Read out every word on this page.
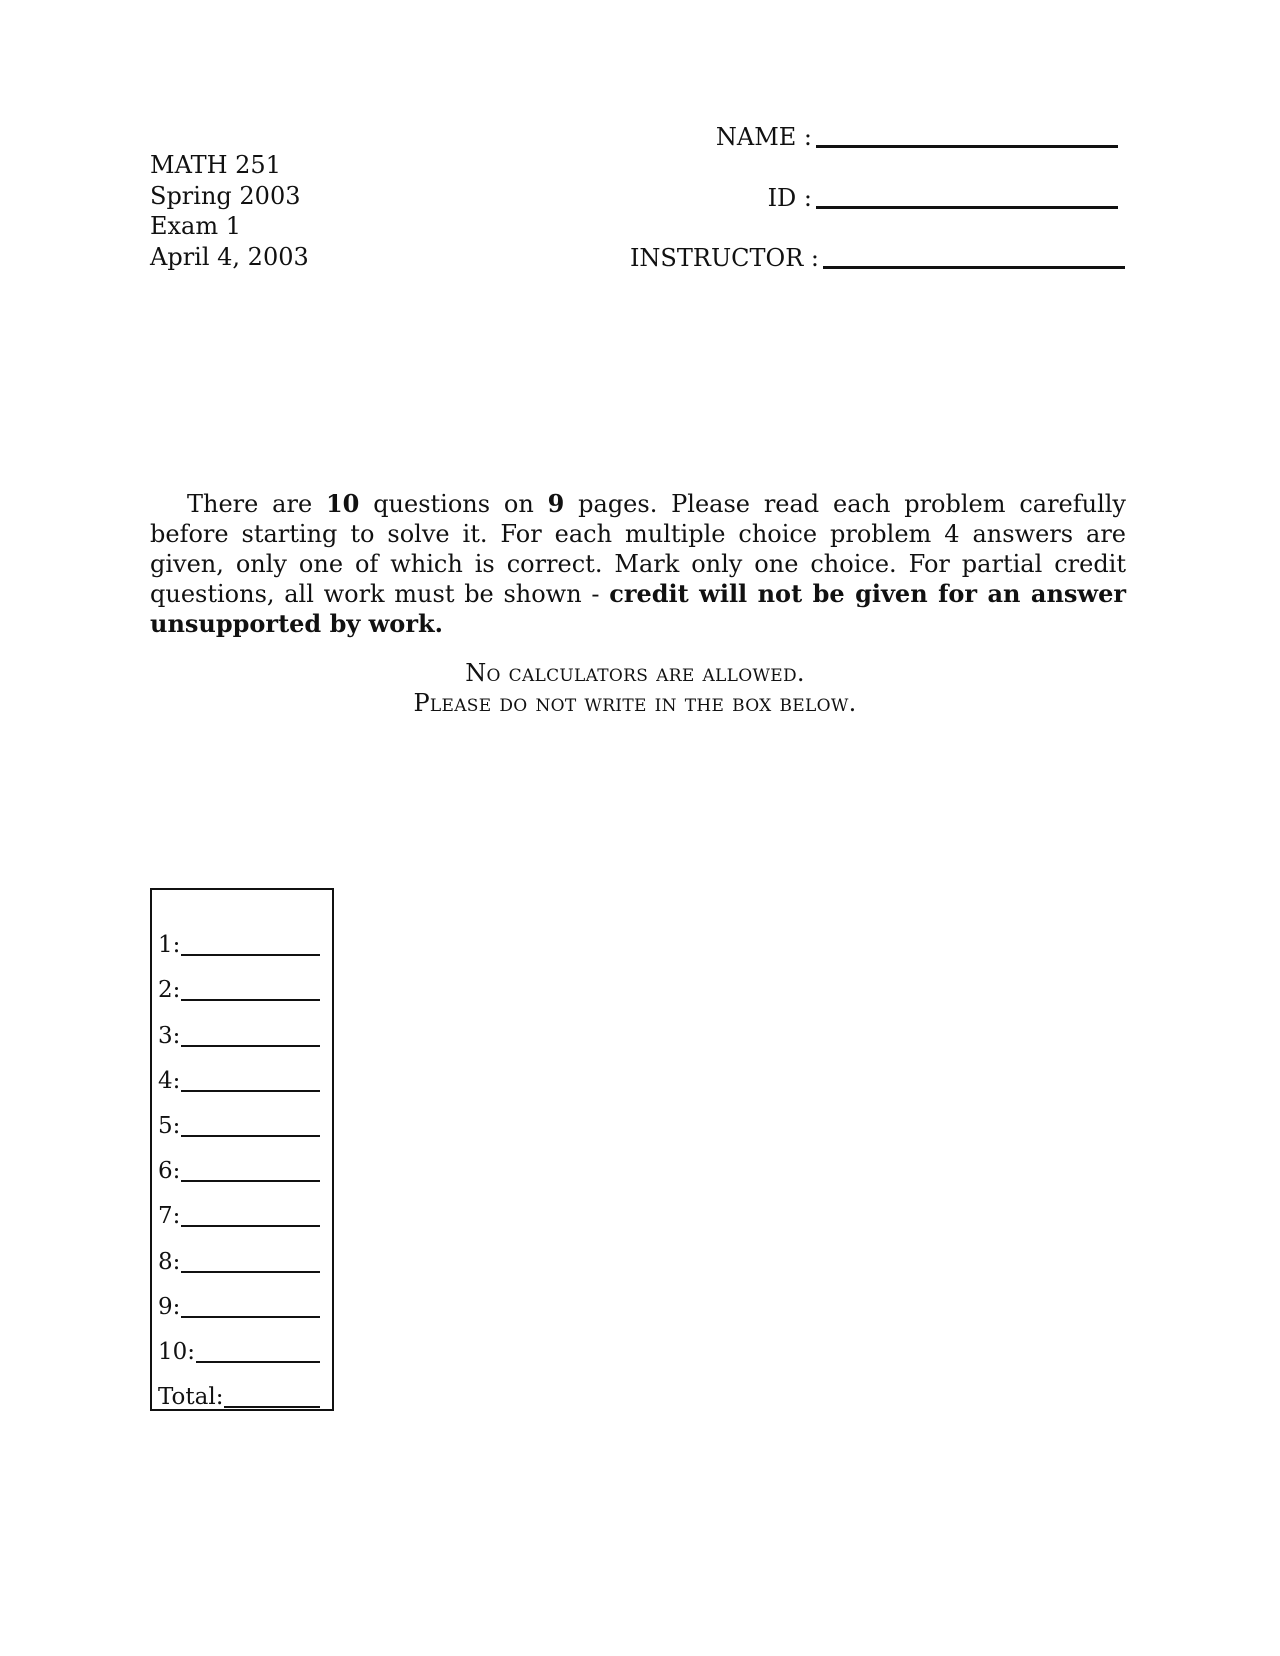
MATH 251
Spring 2003
Exam 1
April 4, 2003
NAME :
ID :
INSTRUCTOR :
There are 10 questions on 9 pages. Please read each problem carefully before starting to solve it. For each multiple choice problem 4 answers are given, only one of which is correct. Mark only one choice. For partial credit questions, all work must be shown - credit will not be given for an answer unsupported by work.
No calculators are allowed.
Please do not write in the box below.
1:
2:
3:
4:
5:
6:
7:
8:
9:
10:
Total:
